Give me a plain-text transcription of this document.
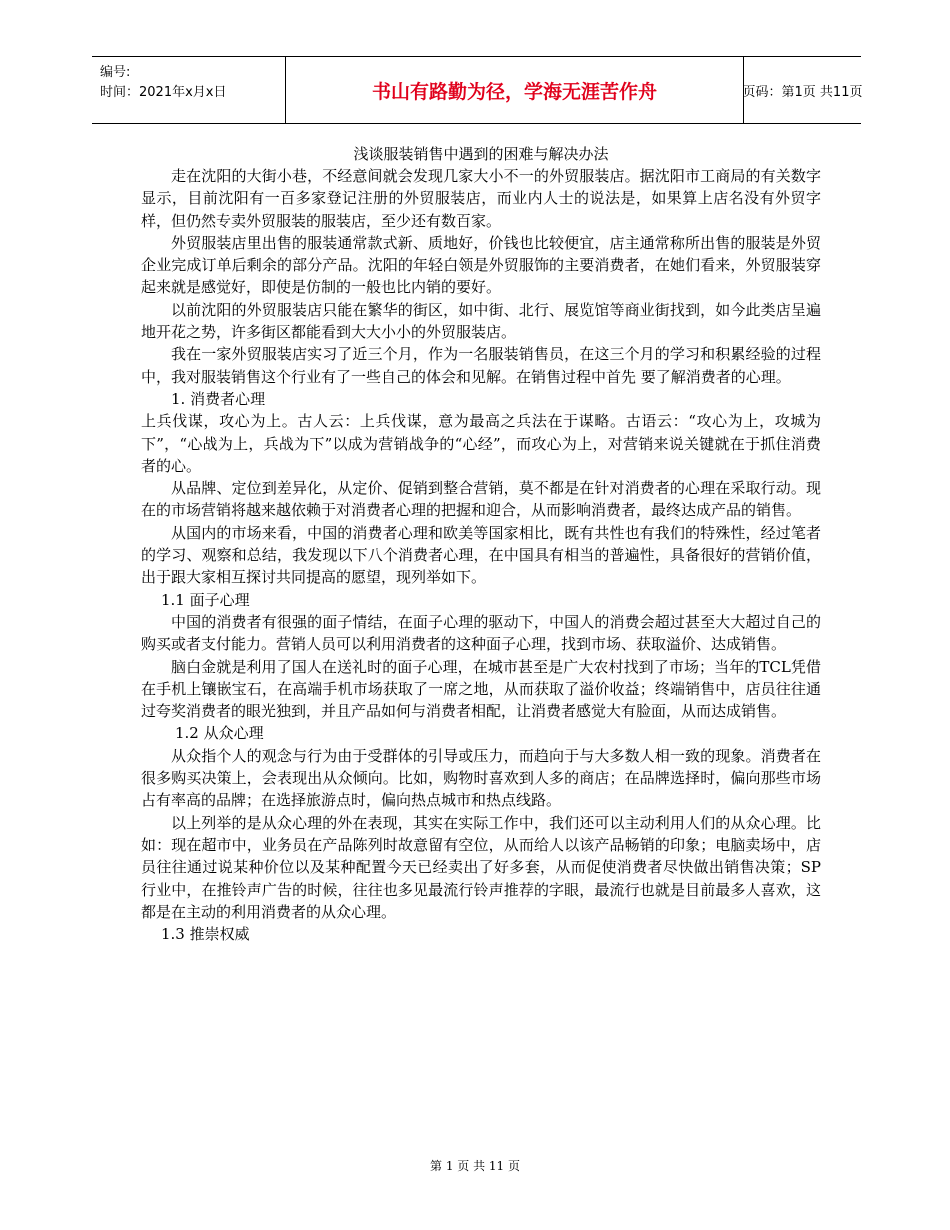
编号:
时间：2021年x月x日	书山有路勤为径，学海无涯苦作舟	页码：第1页 共11页
浅谈服装销售中遇到的困难与解决办法

走在沈阳的大街小巷，不经意间就会发现几家大小不一的外贸服装店。据沈阳市工商局的有关数字显示，目前沈阳有一百多家登记注册的外贸服装店，而业内人士的说法是，如果算上店名没有外贸字样，但仍然专卖外贸服装的服装店，至少还有数百家。

外贸服装店里出售的服装通常款式新、质地好，价钱也比较便宜，店主通常称所出售的服装是外贸企业完成订单后剩余的部分产品。沈阳的年轻白领是外贸服饰的主要消费者，在她们看来，外贸服装穿起来就是感觉好，即使是仿制的一般也比内销的要好。

以前沈阳的外贸服装店只能在繁华的街区，如中街、北行、展览馆等商业街找到，如今此类店呈遍地开花之势，许多街区都能看到大大小小的外贸服装店。

我在一家外贸服装店实习了近三个月，作为一名服装销售员，在这三个月的学习和积累经验的过程中，我对服装销售这个行业有了一些自己的体会和见解。在销售过程中首先 要了解消费者的心理。

1. 消费者心理

上兵伐谋，攻心为上。古人云：上兵伐谋，意为最高之兵法在于谋略。古语云：“攻心为上，攻城为下”，“心战为上，兵战为下”以成为营销战争的“心经”，而攻心为上，对营销来说关键就在于抓住消费者的心。

从品牌、定位到差异化，从定价、促销到整合营销，莫不都是在针对消费者的心理在采取行动。现在的市场营销将越来越依赖于对消费者心理的把握和迎合，从而影响消费者，最终达成产品的销售。

从国内的市场来看，中国的消费者心理和欧美等国家相比，既有共性也有我们的特殊性，经过笔者的学习、观察和总结，我发现以下八个消费者心理，在中国具有相当的普遍性，具备很好的营销价值，出于跟大家相互探讨共同提高的愿望，现列举如下。

1.1 面子心理

中国的消费者有很强的面子情结，在面子心理的驱动下，中国人的消费会超过甚至大大超过自己的购买或者支付能力。营销人员可以利用消费者的这种面子心理，找到市场、获取溢价、达成销售。

脑白金就是利用了国人在送礼时的面子心理，在城市甚至是广大农村找到了市场；当年的TCL凭借在手机上镶嵌宝石，在高端手机市场获取了一席之地，从而获取了溢价收益；终端销售中，店员往往通过夸奖消费者的眼光独到，并且产品如何与消费者相配，让消费者感觉大有脸面，从而达成销售。

1.2 从众心理

从众指个人的观念与行为由于受群体的引导或压力，而趋向于与大多数人相一致的现象。消费者在很多购买决策上，会表现出从众倾向。比如，购物时喜欢到人多的商店；在品牌选择时，偏向那些市场占有率高的品牌；在选择旅游点时，偏向热点城市和热点线路。

以上列举的是从众心理的外在表现，其实在实际工作中，我们还可以主动利用人们的从众心理。比如：现在超市中，业务员在产品陈列时故意留有空位，从而给人以该产品畅销的印象；电脑卖场中，店员往往通过说某种价位以及某种配置今天已经卖出了好多套，从而促使消费者尽快做出销售决策；SP行业中，在推铃声广告的时候，往往也多见最流行铃声推荐的字眼，最流行也就是目前最多人喜欢，这都是在主动的利用消费者的从众心理。

1.3 推崇权威

第 1 页 共 11 页
